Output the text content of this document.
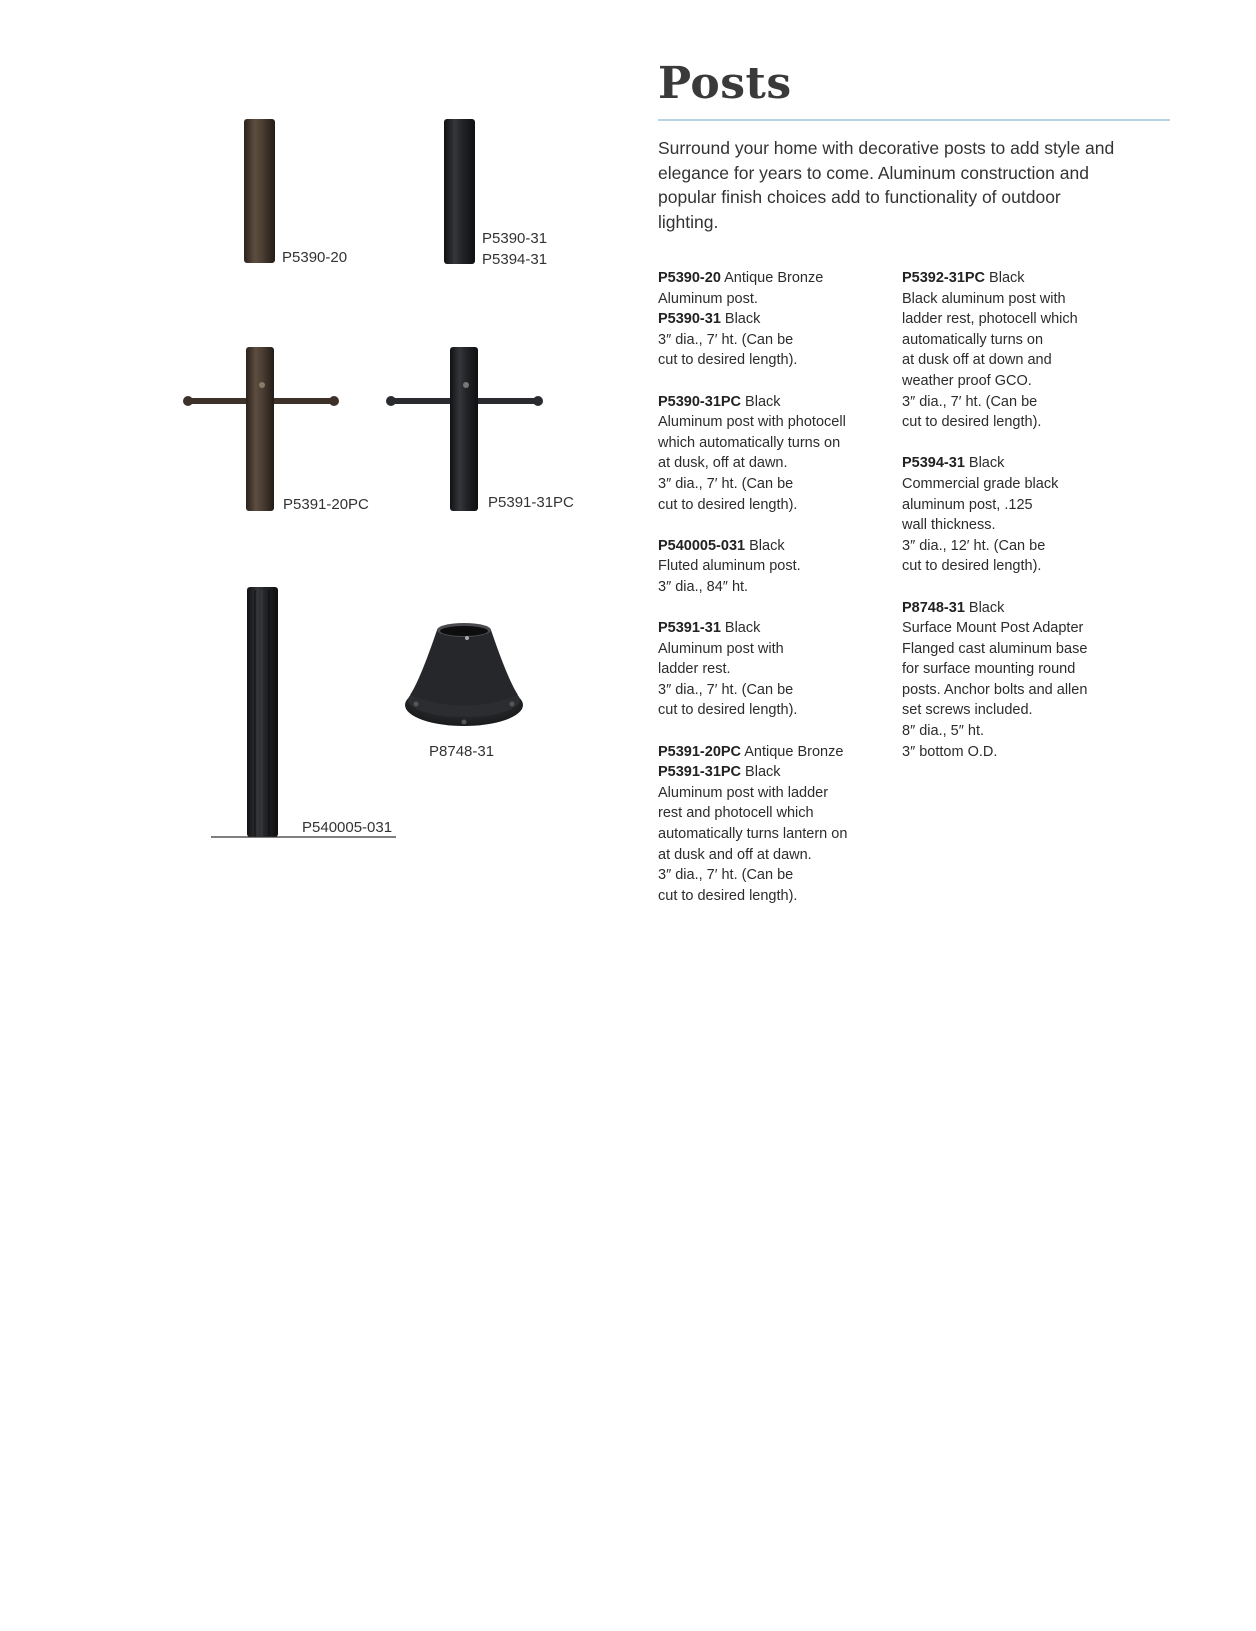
P5390-20
P5390-31
P5394-31
P5391-20PC	P5391-31PC
P540005-031
P8748-31
Posts
Surround your home with decorative posts to add style and elegance for years to come. Aluminum construction and popular finish choices add to functionality of outdoor lighting.
P5390-20 Antique Bronze
Aluminum post.
P5390-31 Black
3″ dia., 7′ ht. (Can be
cut to desired length).
P5390-31PC Black
Aluminum post with photocell
which automatically turns on
at dusk, off at dawn.
3″ dia., 7′ ht. (Can be
cut to desired length).
P540005-031 Black
Fluted aluminum post.
3″ dia., 84″ ht.
P5391-31 Black
Aluminum post with
ladder rest.
3″ dia., 7′ ht. (Can be
cut to desired length).
P5391-20PC Antique Bronze
P5391-31PC Black
Aluminum post with ladder
rest and photocell which
automatically turns lantern on
at dusk and off at dawn.
3″ dia., 7′ ht. (Can be
cut to desired length).
P5392-31PC Black
Black aluminum post with
ladder rest, photocell which
automatically turns on
at dusk off at down and
weather proof GCO.
3″ dia., 7′ ht. (Can be
cut to desired length).
P5394-31 Black
Commercial grade black
aluminum post, .125
wall thickness.
3″ dia., 12′ ht. (Can be
cut to desired length).
P8748-31 Black
Surface Mount Post Adapter
Flanged cast aluminum base
for surface mounting round
posts. Anchor bolts and allen
set screws included.
8″ dia., 5″ ht.
3″ bottom O.D.
